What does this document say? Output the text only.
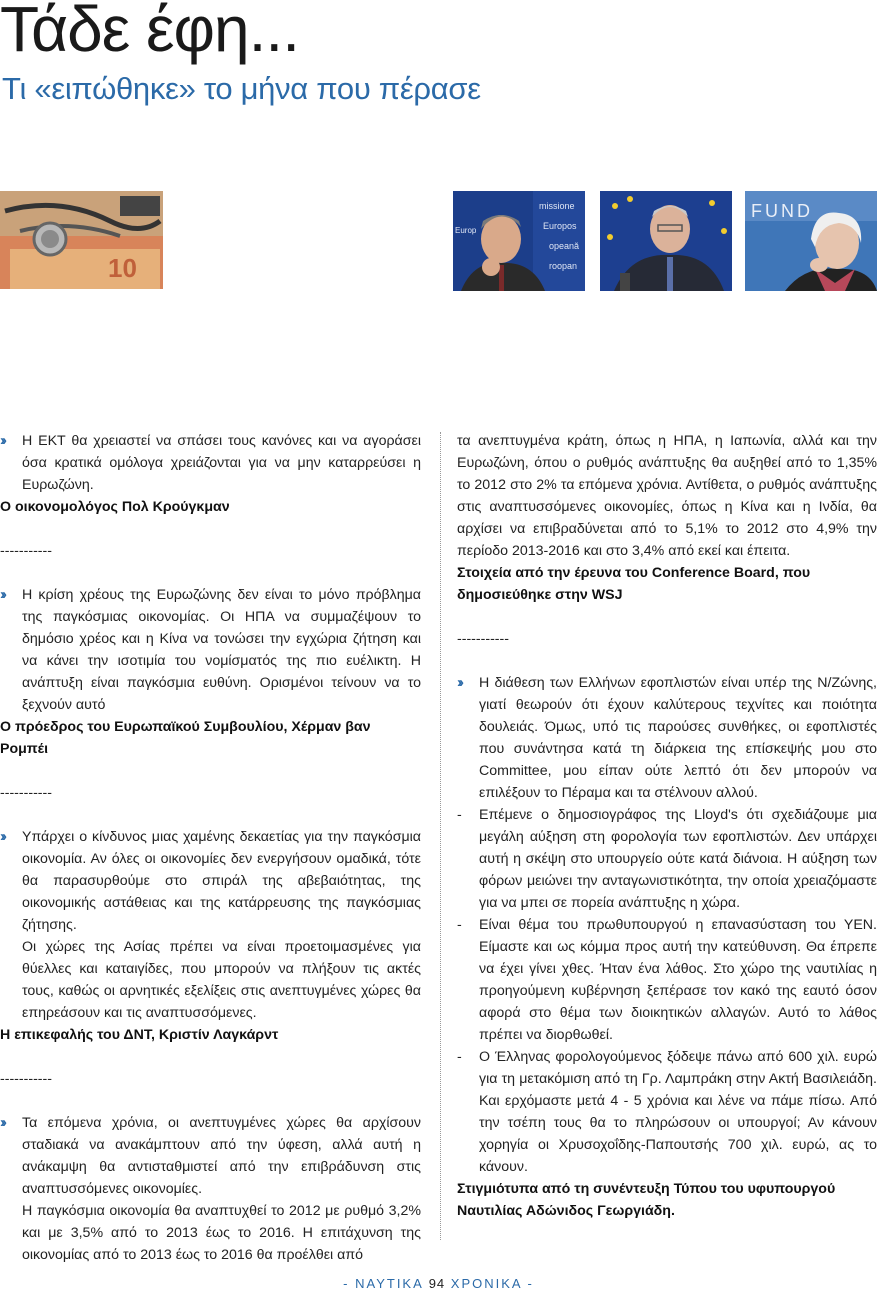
Τάδε έφη...
Τι «ειπώθηκε» το μήνα που πέρασε
10
missione
Europos
opeană
roopan
Europ
FUND

›› Η ΕΚΤ θα χρειαστεί να σπάσει τους κανόνες και να αγοράσει όσα κρατικά ομόλογα χρειάζονται για να μην καταρρεύσει η Ευρωζώνη.

Ο οικονομολόγος Πολ Κρούγκμαν

-----------

›› Η κρίση χρέους της Ευρωζώνης δεν είναι το μόνο πρόβλημα της παγκόσμιας οικονομίας. Οι ΗΠΑ να συμμαζέψουν το δημόσιο χρέος και η Κίνα να τονώσει την εγχώρια ζήτηση και να κάνει την ισοτιμία του νομίσματός της πιο ευέλικτη. Η ανάπτυξη είναι παγκόσμια ευθύνη. Ορισμένοι τείνουν να το ξεχνούν αυτό

Ο πρόεδρος του Ευρωπαϊκού Συμβουλίου, Χέρμαν βαν Ρομπέι

-----------

›› Υπάρχει ο κίνδυνος μιας χαμένης δεκαετίας για την παγκόσμια οικονομία. Αν όλες οι οικονομίες δεν ενεργήσουν ομαδικά, τότε θα παρασυρθούμε στο σπιράλ της αβεβαιότητας, της οικονομικής αστάθειας και της κατάρρευσης της παγκόσμιας ζήτησης.

Οι χώρες της Ασίας πρέπει να είναι προετοιμασμένες για θύελλες και καταιγίδες, που μπορούν να πλήξουν τις ακτές τους, καθώς οι αρνητικές εξελίξεις στις ανεπτυγμένες χώρες θα επηρεάσουν και τις αναπτυσσόμενες.

Η επικεφαλής του ΔΝΤ, Κριστίν Λαγκάρντ

-----------

›› Τα επόμενα χρόνια, οι ανεπτυγμένες χώρες θα αρχίσουν σταδιακά να ανακάμπτουν από την ύφεση, αλλά αυτή η ανάκαμψη θα αντισταθμιστεί από την επιβράδυνση στις αναπτυσσόμενες οικονομίες.

Η παγκόσμια οικονομία θα αναπτυχθεί το 2012 με ρυθμό 3,2% και με 3,5% από το 2013 έως το 2016. Η επιτάχυνση της οικονομίας από το 2013 έως το 2016 θα προέλθει από

τα ανεπτυγμένα κράτη, όπως η ΗΠΑ, η Ιαπωνία, αλλά και την Ευρωζώνη, όπου ο ρυθμός ανάπτυξης θα αυξηθεί από το 1,35% το 2012 στο 2% τα επόμενα χρόνια. Αντίθετα, ο ρυθμός ανάπτυξης στις αναπτυσσόμενες οικονομίες, όπως η Κίνα και η Ινδία, θα αρχίσει να επιβραδύνεται από το 5,1% το 2012 στο 4,9% την περίοδο 2013-2016 και στο 3,4% από εκεί και έπειτα.

Στοιχεία από την έρευνα του Conference Board, που δημοσιεύθηκε στην WSJ

-----------

›› Η διάθεση των Ελλήνων εφοπλιστών είναι υπέρ της Ν/Ζώνης, γιατί θεωρούν ότι έχουν καλύτερους τεχνίτες και ποιότητα δουλειάς. Όμως, υπό τις παρούσες συνθήκες, οι εφοπλιστές που συνάντησα κατά τη διάρκεια της επίσκεψής μου στο Committee, μου είπαν ούτε λεπτό ότι δεν μπορούν να επιλέξουν το Πέραμα και τα στέλνουν αλλού.

- Επέμενε ο δημοσιογράφος της Lloyd's ότι σχεδιάζουμε μια μεγάλη αύξηση στη φορολογία των εφοπλιστών. Δεν υπάρχει αυτή η σκέψη στο υπουργείο ούτε κατά διάνοια. Η αύξηση των φόρων μειώνει την ανταγωνιστικότητα, την οποία χρειαζόμαστε για να μπει σε πορεία ανάπτυξης η χώρα.

- Είναι θέμα του πρωθυπουργού η επανασύσταση του ΥΕΝ. Είμαστε και ως κόμμα προς αυτή την κατεύθυνση. Θα έπρεπε να έχει γίνει χθες. Ήταν ένα λάθος. Στο χώρο της ναυτιλίας η προηγούμενη κυβέρνηση ξεπέρασε τον κακό της εαυτό όσον αφορά στο θέμα των διοικητικών αλλαγών. Αυτό το λάθος πρέπει να διορθωθεί.

- Ο Έλληνας φορολογούμενος ξόδεψε πάνω από 600 χιλ. ευρώ για τη μετακόμιση από τη Γρ. Λαμπράκη στην Ακτή Βασιλειάδη. Και ερχόμαστε μετά 4 - 5 χρόνια και λένε να πάμε πίσω. Από την τσέπη τους θα το πληρώσουν οι υπουργοί; Αν κάνουν χορηγία οι Χρυσοχοΐδης-Παπουτσής 700 χιλ. ευρώ, ας το κάνουν.

Στιγμιότυπα από τη συνέντευξη Τύπου του υφυπουργού Ναυτιλίας Αδώνιδος Γεωργιάδη.

- ΝΑΥΤΙΚΑ 94 ΧΡΟΝΙΚΑ -
